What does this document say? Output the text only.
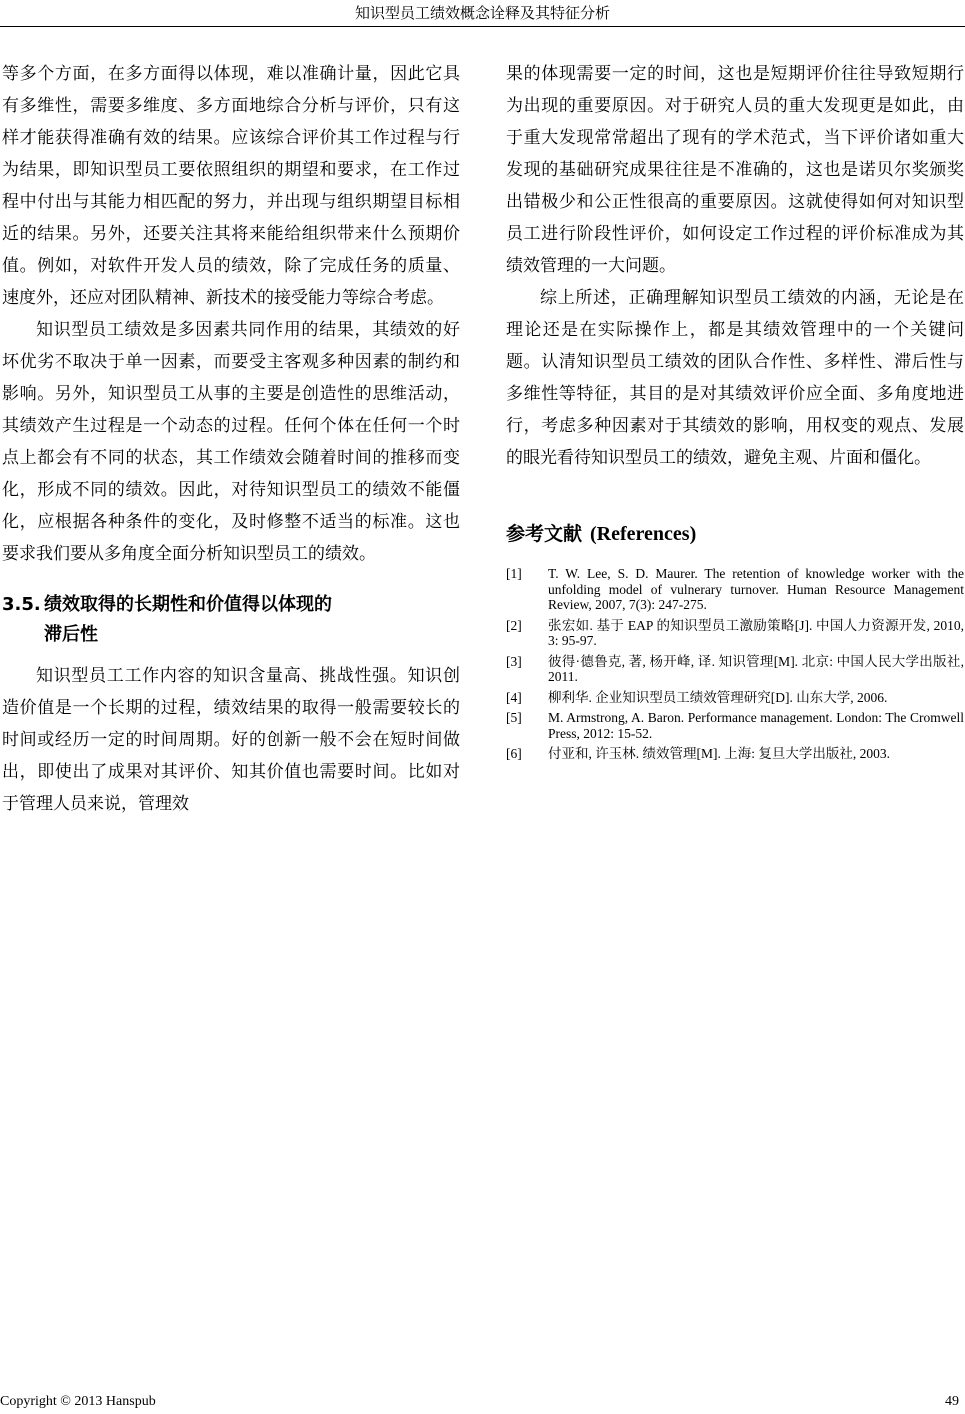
知识型员工绩效概念诠释及其特征分析

等多个方面，在多方面得以体现，难以准确计量，因此它具有多维性，需要多维度、多方面地综合分析与评价，只有这样才能获得准确有效的结果。应该综合评价其工作过程与行为结果，即知识型员工要依照组织的期望和要求，在工作过程中付出与其能力相匹配的努力，并出现与组织期望目标相近的结果。另外，还要关注其将来能给组织带来什么预期价值。例如，对软件开发人员的绩效，除了完成任务的质量、速度外，还应对团队精神、新技术的接受能力等综合考虑。

知识型员工绩效是多因素共同作用的结果，其绩效的好坏优劣不取决于单一因素，而要受主客观多种因素的制约和影响。另外，知识型员工从事的主要是创造性的思维活动，其绩效产生过程是一个动态的过程。任何个体在任何一个时点上都会有不同的状态，其工作绩效会随着时间的推移而变化，形成不同的绩效。因此，对待知识型员工的绩效不能僵化，应根据各种条件的变化，及时修整不适当的标准。这也要求我们要从多角度全面分析知识型员工的绩效。

3.5. 绩效取得的长期性和价值得以体现的
滞后性

知识型员工工作内容的知识含量高、挑战性强。知识创造价值是一个长期的过程，绩效结果的取得一般需要较长的时间或经历一定的时间周期。好的创新一般不会在短时间做出，即使出了成果对其评价、知其价值也需要时间。比如对于管理人员来说，管理效

果的体现需要一定的时间，这也是短期评价往往导致短期行为出现的重要原因。对于研究人员的重大发现更是如此，由于重大发现常常超出了现有的学术范式，当下评价诸如重大发现的基础研究成果往往是不准确的，这也是诺贝尔奖颁奖出错极少和公正性很高的重要原因。这就使得如何对知识型员工进行阶段性评价，如何设定工作过程的评价标准成为其绩效管理的一大问题。

综上所述，正确理解知识型员工绩效的内涵，无论是在理论还是在实际操作上，都是其绩效管理中的一个关键问题。认清知识型员工绩效的团队合作性、多样性、滞后性与多维性等特征，其目的是对其绩效评价应全面、多角度地进行，考虑多种因素对于其绩效的影响，用权变的观点、发展的眼光看待知识型员工的绩效，避免主观、片面和僵化。

参考文献 (References)
[1] T. W. Lee, S. D. Maurer. The retention of knowledge worker with the unfolding model of vulnerary turnover. Human Resource Management Review, 2007, 7(3): 247-275.
[2] 张宏如. 基于 EAP 的知识型员工激励策略[J]. 中国人力资源开发, 2010, 3: 95-97.
[3] 彼得·德鲁克, 著, 杨开峰, 译. 知识管理[M]. 北京: 中国人民大学出版社, 2011.
[4] 柳利华. 企业知识型员工绩效管理研究[D]. 山东大学, 2006.
[5] M. Armstrong, A. Baron. Performance management. London: The Cromwell Press, 2012: 15-52.
[6] 付亚和, 许玉林. 绩效管理[M]. 上海: 复旦大学出版社, 2003.
Copyright © 2013 Hanspub	49
